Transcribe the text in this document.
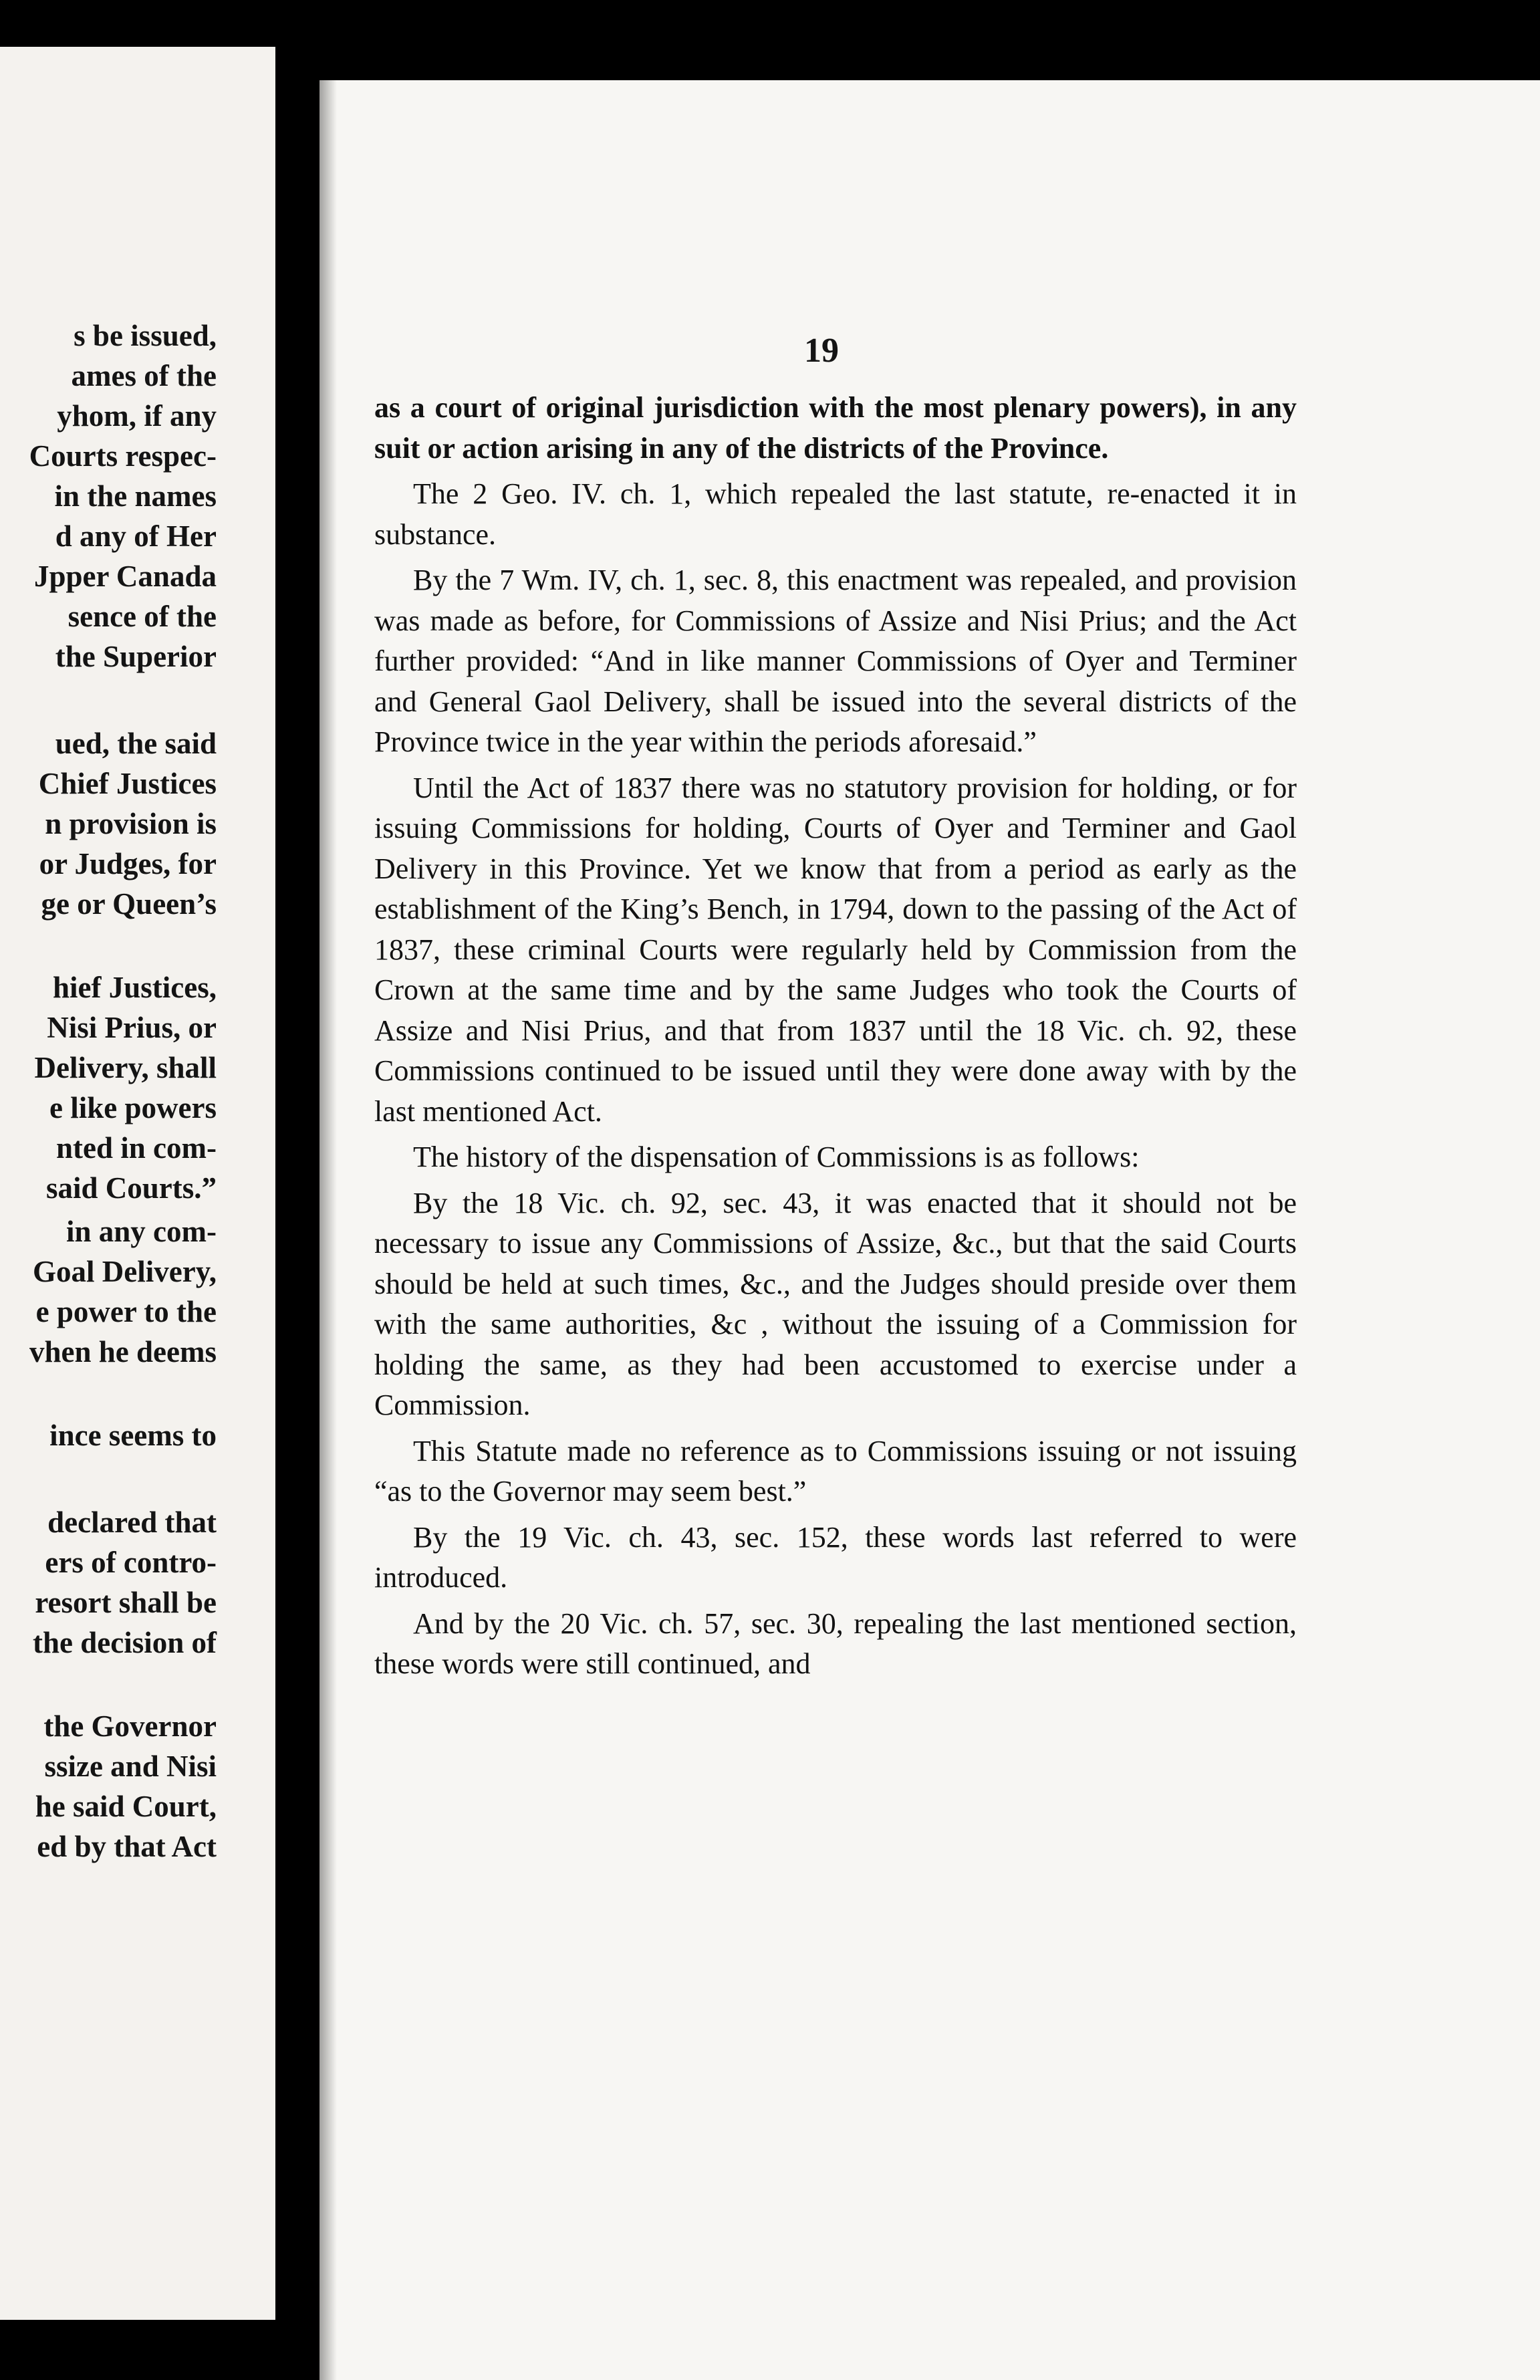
s be issued,
ames of the
yhom, if any
Courts respec-
in the names
d any of Her
Jpper Canada
sence of the
the Superior
ued, the said
Chief Justices
n provision is
or Judges, for
ge or Queen’s
hief Justices,
Nisi Prius, or
Delivery, shall
e like powers
nted in com-
said Courts.”
in any com-
Goal Delivery,
e power to the
vhen he deems
ince seems to
declared that
ers of contro-
resort shall be
the decision of
the Governor
ssize and Nisi
he said Court,
ed by that Act
19

as a court of original jurisdiction with the most plenary powers), in any suit or action arising in any of the districts of the Province.

The 2 Geo. IV. ch. 1, which repealed the last statute, re-enacted it in substance.

By the 7 Wm. IV, ch. 1, sec. 8, this enactment was repealed, and provision was made as before, for Commissions of Assize and Nisi Prius; and the Act further provided: “And in like manner Commissions of Oyer and Terminer and General Gaol Delivery, shall be issued into the several districts of the Province twice in the year within the periods aforesaid.”

Until the Act of 1837 there was no statutory provision for holding, or for issuing Commissions for holding, Courts of Oyer and Terminer and Gaol Delivery in this Province. Yet we know that from a period as early as the establishment of the King’s Bench, in 1794, down to the passing of the Act of 1837, these criminal Courts were regularly held by Commission from the Crown at the same time and by the same Judges who took the Courts of Assize and Nisi Prius, and that from 1837 until the 18 Vic. ch. 92, these Commissions continued to be issued until they were done away with by the last mentioned Act.

The history of the dispensation of Commissions is as follows:

By the 18 Vic. ch. 92, sec. 43, it was enacted that it should not be necessary to issue any Commissions of Assize, &c., but that the said Courts should be held at such times, &c., and the Judges should preside over them with the same authorities, &c , without the issuing of a Commission for holding the same, as they had been accustomed to exercise under a Commission.

This Statute made no reference as to Commissions issuing or not issuing “as to the Governor may seem best.”

By the 19 Vic. ch. 43, sec. 152, these words last referred to were introduced.

And by the 20 Vic. ch. 57, sec. 30, repealing the last mentioned section, these words were still continued, and
